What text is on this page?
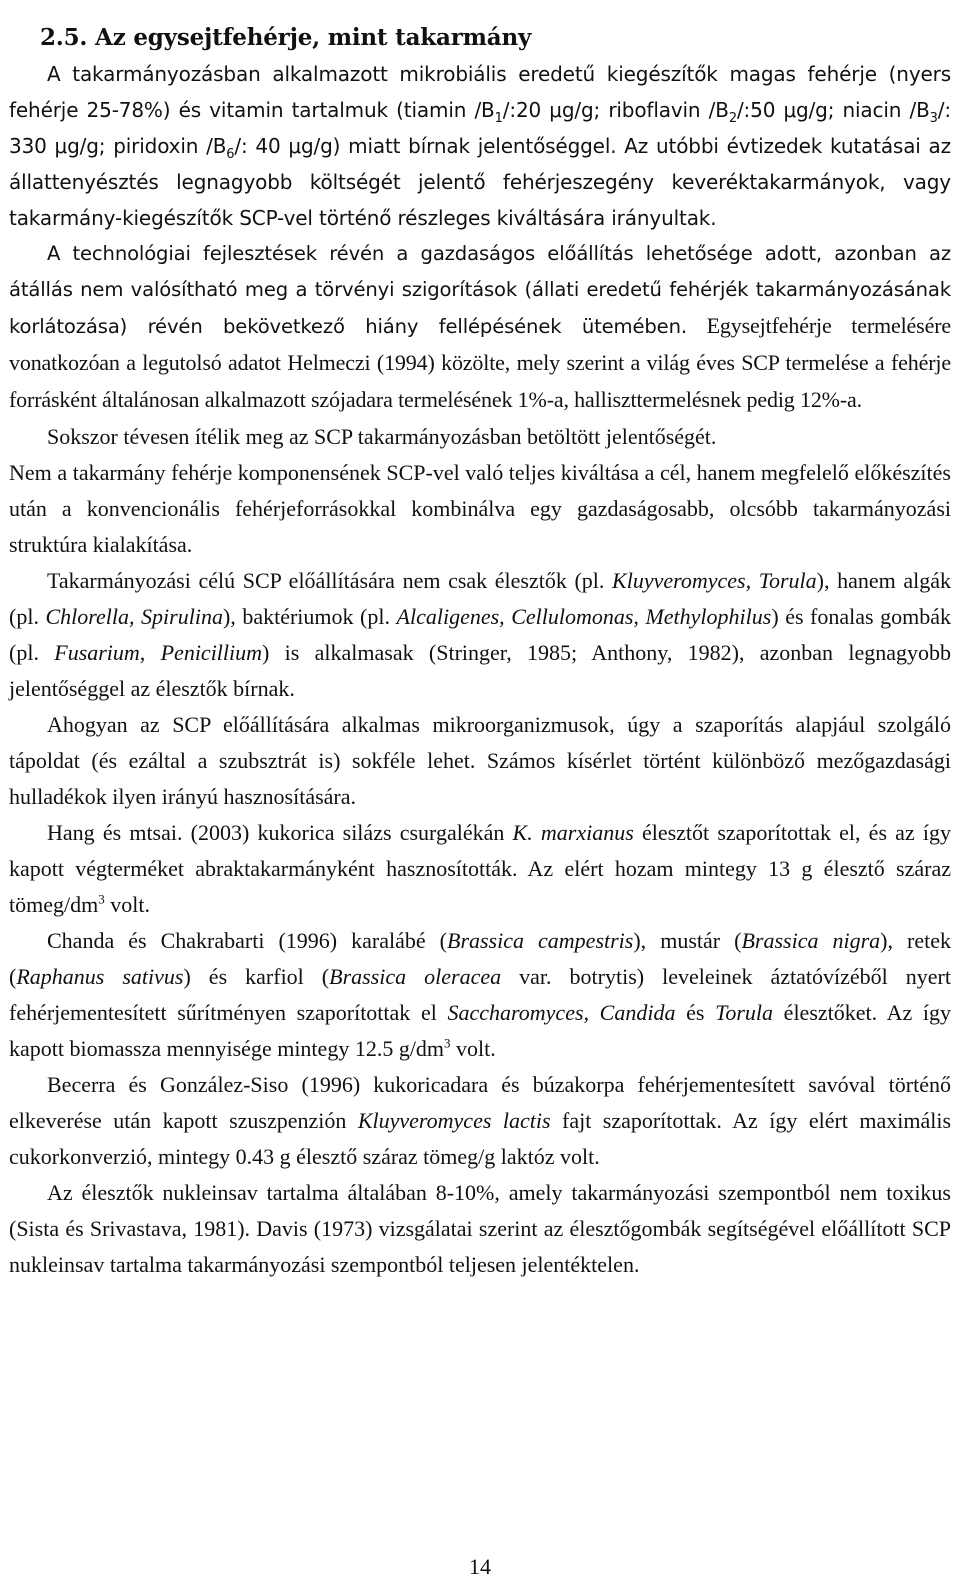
2.5. Az egysejtfehérje, mint takarmány

A takarmányozásban alkalmazott mikrobiális eredetű kiegészítők magas fehérje (nyers fehérje 25-78%) és vitamin tartalmuk (tiamin $/B_1/:20$ μg/g; riboflavin $/B_2/:50$ μg/g; niacin $/B_3/$: 330 μg/g; piridoxin $/B_6/$: 40 μg/g) miatt bírnak jelentőséggel. Az utóbbi évtizedek kutatásai az állattenyésztés legnagyobb költségét jelentő fehérjeszegény keveréktakarmányok, vagy takarmány-kiegészítők SCP-vel történő részleges kiváltására irányultak.

A technológiai fejlesztések révén a gazdaságos előállítás lehetősége adott, azonban az átállás nem valósítható meg a törvényi szigorítások (állati eredetű fehérjék takarmányozásának korlátozása) révén bekövetkező hiány fellépésének ütemében. Egysejtfehérje termelésére vonatkozóan a legutolsó adatot Helmeczi (1994) közölte, mely szerint a világ éves SCP termelése a fehérje forrásként általánosan alkalmazott szójadara termelésének 1%-a, halliszttermelésnek pedig 12%-a.

Sokszor tévesen ítélik meg az SCP takarmányozásban betöltött jelentőségét.

Nem a takarmány fehérje komponensének SCP-vel való teljes kiváltása a cél, hanem megfelelő előkészítés után a konvencionális fehérjeforrásokkal kombinálva egy gazdaságosabb, olcsóbb takarmányozási struktúra kialakítása.

Takarmányozási célú SCP előállítására nem csak élesztők (pl. Kluyveromyces, Torula), hanem algák (pl. Chlorella, Spirulina), baktériumok (pl. Alcaligenes, Cellulomonas, Methylophilus) és fonalas gombák (pl. Fusarium, Penicillium) is alkalmasak (Stringer, 1985; Anthony, 1982), azonban legnagyobb jelentőséggel az élesztők bírnak.

Ahogyan az SCP előállítására alkalmas mikroorganizmusok, úgy a szaporítás alapjául szolgáló tápoldat (és ezáltal a szubsztrát is) sokféle lehet. Számos kísérlet történt különböző mezőgazdasági hulladékok ilyen irányú hasznosítására.

Hang és mtsai. (2003) kukorica silázs csurgalékán K. marxianus élesztőt szaporítottak el, és az így kapott végterméket abraktakarmányként hasznosították. Az elért hozam mintegy 13 g élesztő száraz tömeg/$dm^3$ volt.

Chanda és Chakrabarti (1996) karalábé (Brassica campestris), mustár (Brassica nigra), retek (Raphanus sativus) és karfiol (Brassica oleracea var. botrytis) leveleinek áztatóvízéből nyert fehérjementesített sűrítményen szaporítottak el Saccharomyces, Candida és Torula élesztőket. Az így kapott biomassza mennyisége mintegy 12.5 $g/dm^3$ volt.

Becerra és González-Siso (1996) kukoricadara és búzakorpa fehérjementesített savóval történő elkeverése után kapott szuszpenzión Kluyveromyces lactis fajt szaporítottak. Az így elért maximális cukorkonverzió, mintegy 0.43 g élesztő száraz tömeg/g laktóz volt.

Az élesztők nukleinsav tartalma általában 8-10%, amely takarmányozási szempontból nem toxikus (Sista és Srivastava, 1981). Davis (1973) vizsgálatai szerint az élesztőgombák segítségével előállított SCP nukleinsav tartalma takarmányozási szempontból teljesen jelentéktelen.

14
